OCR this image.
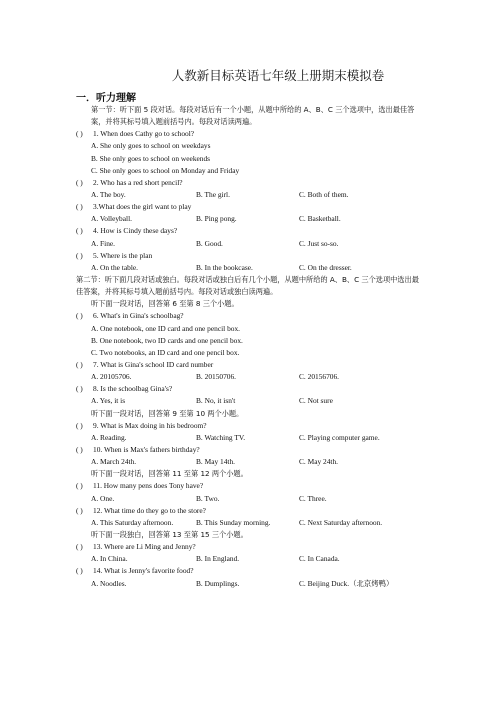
人教新目标英语七年级上册期末模拟卷
一．听力理解
第一节：听下面 5 段对话。每段对话后有一个小题，从题中所给的 A、B、C 三个选项中，选出最佳答案，并将其标号填入题前括号内。每段对话读两遍。
( ) 1. When does Cathy go to school?
A. She only goes to school on weekdays
B. She only goes to school on weekends
C. She only goes to school on Monday and Friday
( ) 2. Who has a red short pencil?
A. The boy.	B. The girl.	C. Both of them.
( ) 3.What does the girl want to play
A. Volleyball.	B. Ping pong.	C. Basketball.
( ) 4. How is Cindy these days?
A. Fine.	B. Good.	C. Just so-so.
( ) 5. Where is the plan
A. On the table.	B. In the bookcase.	C. On the dresser.
第二节：听下面几段对话或独白。每段对话或独白后有几个小题，从题中所给的 A、B、C 三个选项中选出最佳答案，并将其标号填入题前括号内。每段对话或独白读两遍。
听下面一段对话，回答第 6 至第 8 三个小题。
( ) 6. What's in Gina's schoolbag?
A. One notebook, one ID card and one pencil box.
B. One notebook, two ID cards and one pencil box.
C. Two notebooks, an ID card and one pencil box.
( ) 7. What is Gina's school ID card number
A. 20105706.	B. 20150706.	C. 20156706.
( ) 8. Is the schoolbag Gina's?
A. Yes, it is	B. No, it isn't	C. Not sure
听下面一段对话，回答第 9 至第 10 两个小题。
( ) 9. What is Max doing in his bedroom?
A. Reading.	B. Watching TV.	C. Playing computer game.
( ) 10. When is Max's fathers birthday?
A. March 24th.	B. May 14th.	C. May 24th.
听下面一段对话，回答第 11 至第 12 两个小题。
( ) 11. How many pens does Tony have?
A. One.	B. Two.	C. Three.
( ) 12. What time do they go to the store?
A. This Saturday afternoon.	B. This Sunday morning.	C. Next Saturday afternoon.
听下面一段独白，回答第 13 至第 15 三个小题。
( ) 13. Where are Li Ming and Jenny?
A. In China.	B. In England.	C. In Canada.
( ) 14. What is Jenny's favorite food?
A. Noodles.	B. Dumplings.	C. Beijing Duck.（北京烤鸭）
